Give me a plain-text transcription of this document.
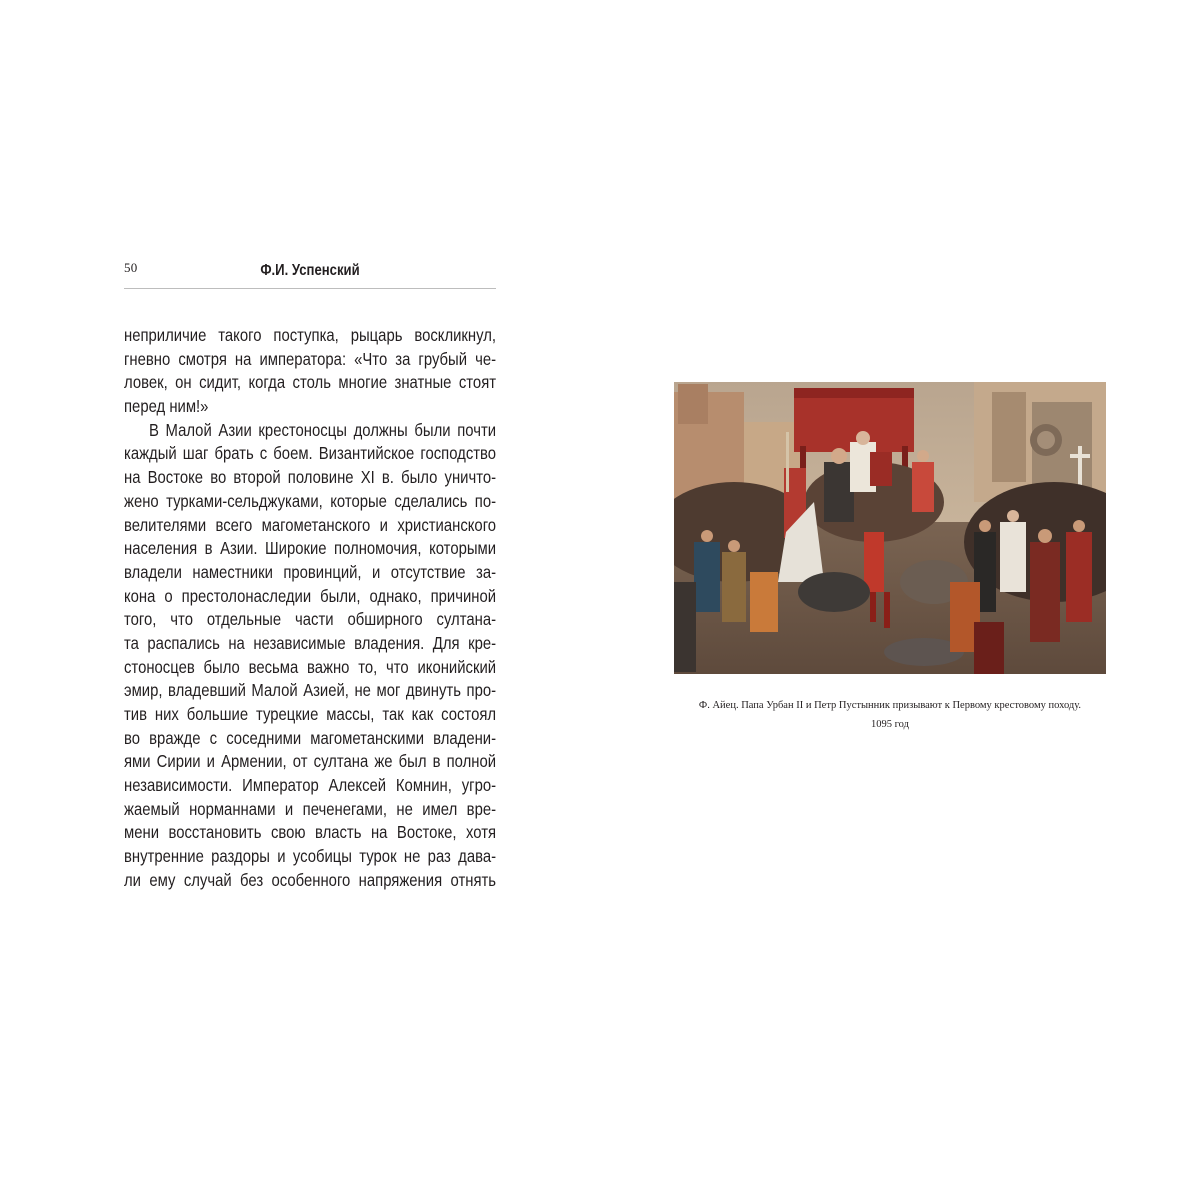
50	Ф.И. Успенский
неприличие такого поступка, рыцарь воскликнул,
гневно смотря на императора: «Что за грубый че-
ловек, он сидит, когда столь многие знатные стоят
перед ним!»
В Малой Азии крестоносцы должны были почти
каждый шаг брать с боем. Византийское господство
на Востоке во второй половине XI в. было уничто-
жено турками-сельджуками, которые сделались по-
велителями всего магометанского и христианского
населения в Азии. Широкие полномочия, которыми
владели наместники провинций, и отсутствие за-
кона о престолонаследии были, однако, причиной
того, что отдельные части обширного султана-
та распались на независимые владения. Для кре-
стоносцев было весьма важно то, что иконийский
эмир, владевший Малой Азией, не мог двинуть про-
тив них большие турецкие массы, так как состоял
во вражде с соседними магометанскими владени-
ями Сирии и Армении, от султана же был в полной
независимости. Император Алексей Комнин, угро-
жаемый норманнами и печенегами, не имел вре-
мени восстановить свою власть на Востоке, хотя
внутренние раздоры и усобицы турок не раз дава-
ли ему случай без особенного напряжения отнять
Ф. Айец. Папа Урбан II и Петр Пустынник призывают к Первому крестовому походу.
1095 год
